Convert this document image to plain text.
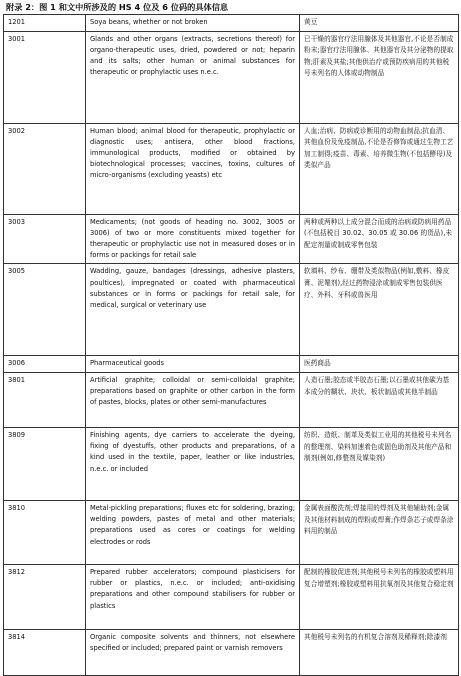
附录 2：图 1 和文中所涉及的 HS 4 位及 6 位码的具体信息
1201	Soya beans, whether or not broken	黄豆
3001	Glands and other organs (extracts, secretions thereof) for organo-therapeutic uses, dried, powdered or not; heparin and its salts; other human or animal substances for therapeutic or prophylactic uses n.e.c.	已干燥的器官疗法用腺体及其他器官,不论是否制成粉末;器官疗法用腺体、其他器官及其分泌物的提取物;肝素及其盐;其他供治疗或预防疾病用的其他税号未列名的人体或动物制品
3002	Human blood; animal blood for therapeutic, prophylactic or diagnostic uses; antisera, other blood fractions, immunological products, modified or obtained by biotechnological processes; vaccines, toxins, cultures of micro-organisms (excluding yeasts) etc	人血;治病、防病或诊断用的动物血制品;抗血清、其他血份及免疫制品,不论是否修饰或通过生物工艺加工制得;疫苗、毒素、培养微生物(不包括酵母)及类似产品
3003	Medicaments; (not goods of heading no. 3002, 3005 or 3006) of two or more constituents mixed together for therapeutic or prophylactic use not in measured doses or in forms or packings for retail sale	两种或两种以上成分混合而成的治病或防病用药品(不包括税目 30.02、30.05 或 30.06 的货品),未配定剂量或制成零售包装
3005	Wadding, gauze, bandages (dressings, adhesive plasters, poultices), impregnated or coated with pharmaceutical substances or in forms or packings for retail sale, for medical, surgical or veterinary use	软填料、纱布、绷带及类似物品(例如,敷料、橡皮膏、泥罨剂),经过药物浸涂或制成零售包装供医疗、外科、牙科或兽医用
3006	Pharmaceutical goods	医药商品
3801	Artificial graphite; colloidal or semi-colloidal graphite; preparations based on graphite or other carbon in the form of pastes, blocks, plates or other semi-manufactures	人造石墨;胶态或半胶态石墨;以石墨或其他碳为基本成分的糊状、块状、板状制品或其他半制品
3809	Finishing agents, dye carriers to accelerate the dyeing, fixing of dyestuffs, other products and preparations, of a kind used in the textile, paper, leather or like industries, n.e.c. or included	纺织、造纸、制革及类似工业用的其他税号未列名的整理剂、染料加速着色或固色助剂及其他产品和制剂(例如,修整剂及媒染剂)
3810	Metal-pickling preparations; fluxes etc for soldering, brazing; welding powders, pastes of metal and other materials; preparations used as cores or coatings for welding electrodes or rods	金属表面酸洗剂;焊接用的焊剂及其他辅助剂;金属及其他材料制成的焊粉或焊膏;作焊条芯子或焊条涂料用的制品
3812	Prepared rubber accelerators; compound plasticisers for rubber or plastics, n.e.c. or included; anti-oxidising preparations and other compound stabilisers for rubber or plastics	配制的橡胶促进剂;其他税号未列名的橡胶或塑料用复合增塑剂;橡胶或塑料用抗氧剂及其他复合稳定剂
3814	Organic composite solvents and thinners, not elsewhere specified or included; prepared paint or varnish removers	其他税号未列名的有机复合溶剂及稀释剂;除漆剂
